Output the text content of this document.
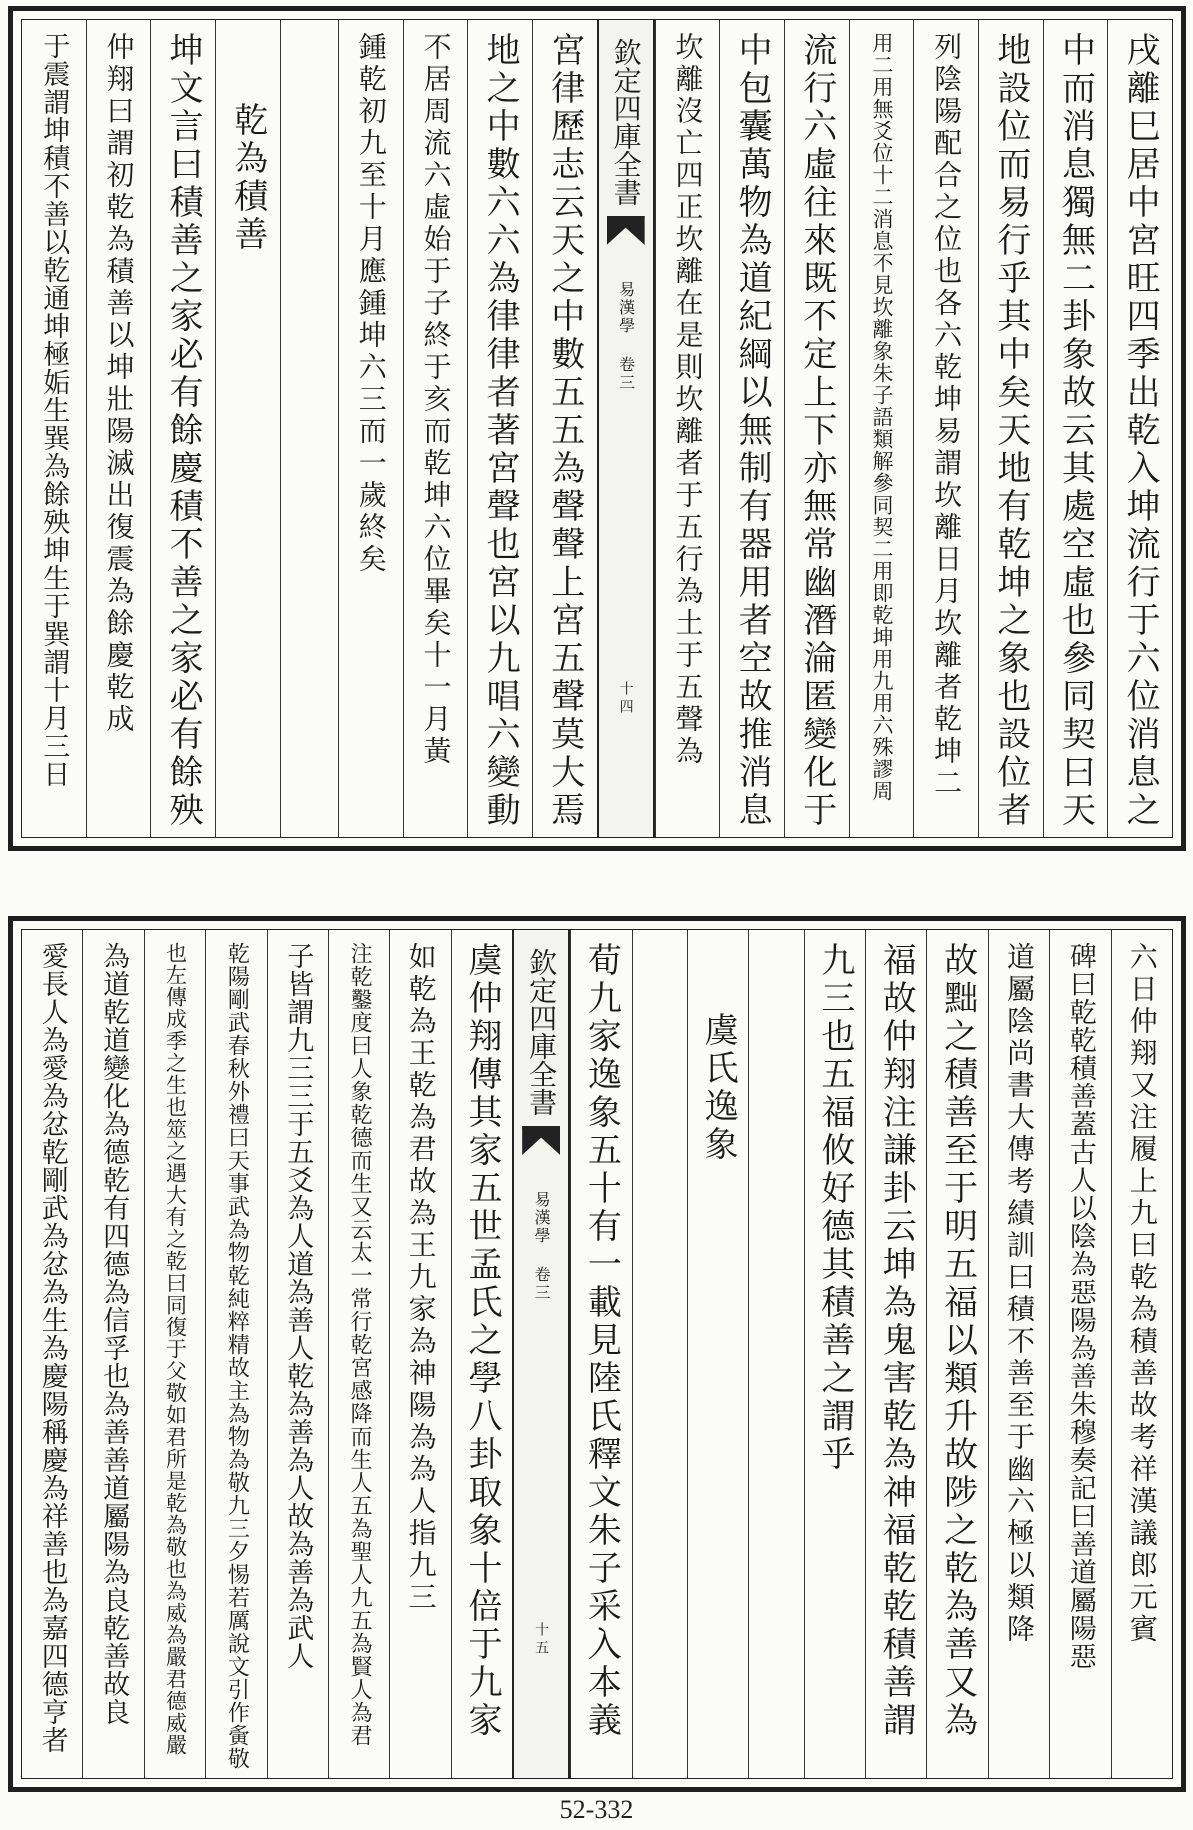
戌離巳居中宮旺四季出乾入坤流行于六位消息之
中而消息獨無二卦象故云其處空虛也參同契曰天
地設位而易行乎其中矣天地有乾坤之象也設位者
列陰陽配合之位也各六乾坤易謂坎離日月坎離者乾坤二
用二用無爻位十二消息不見坎離象朱子語類解參同契二用即乾坤用九用六殊謬周
流行六虛往來既不定上下亦無常幽潛淪匿變化于
中包囊萬物為道紀綱以無制有器用者空故推消息
坎離沒亡四正坎離在是則坎離者于五行為土于五聲為
欽定四庫全書
易漢學 卷三
十四
宮律歷志云天之中數五五為聲聲上宮五聲莫大焉
地之中數六六為律律者著宮聲也宮以九唱六變動
不居周流六虛始于子終于亥而乾坤六位畢矣十一月黃
鍾乾初九至十月應鍾坤六三而一歲終矣
乾為積善
坤文言曰積善之家必有餘慶積不善之家必有餘殃
仲翔曰謂初乾為積善以坤壯陽滅出復震為餘慶乾成
于震謂坤積不善以乾通坤極姤生巽為餘殃坤生于巽謂十月三日
六日仲翔又注履上九曰乾為積善故考祥漢議郎元賓
碑曰乾乾積善蓋古人以陰為惡陽為善朱穆奏記曰善道屬陽惡
道屬陰尚書大傳考績訓曰積不善至于幽六極以類降
故黜之積善至于明五福以類升故陟之乾為善又為
福故仲翔注謙卦云坤為鬼害乾為神福乾乾積善謂
九三也五福攸好德其積善之謂乎
虞氏逸象
荀九家逸象五十有一載見陸氏釋文朱子采入本義
欽定四庫全書
易漢學 卷三
十五
虞仲翔傳其家五世孟氏之學八卦取象十倍于九家
如乾為王乾為君故為王九家為神陽為為人指九三
注乾鑿度曰人象乾德而生又云太一常行乾宮感降而生人五為聖人九五為賢人為君
子皆謂九三三于五爻為人道為善人乾為善為人故為善為武人
乾陽剛武春秋外禮曰天事武為物乾純粹精故主為物為敬九三夕惕若厲說文引作夤敬
也左傳成季之生也筮之遇大有之乾曰同復于父敬如君所是乾為敬也為威為嚴君德威嚴
為道乾道變化為德乾有四德為信孚也為善善道屬陽為良乾善故良
愛長人為愛為忿乾剛武為忿為生為慶陽稱慶為祥善也為嘉四德亨者
52-332
